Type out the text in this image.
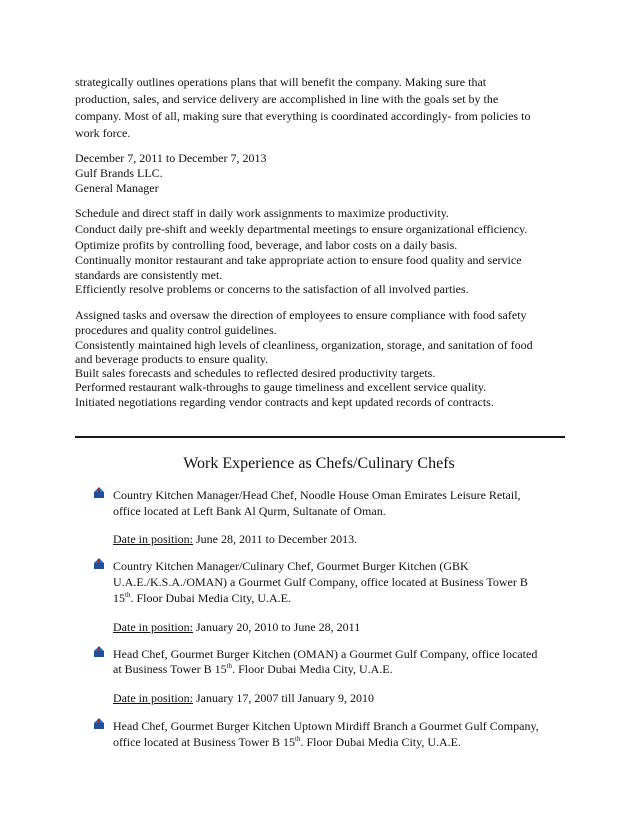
strategically outlines operations plans that will benefit the company. Making sure that
production, sales, and service delivery are accomplished in line with the goals set by the
company. Most of all, making sure that everything is coordinated accordingly- from policies to
work force.
December 7, 2011 to December 7, 2013
Gulf Brands LLC.
General Manager
Schedule and direct staff in daily work assignments to maximize productivity.
Conduct daily pre-shift and weekly departmental meetings to ensure organizational efficiency.
Optimize profits by controlling food, beverage, and labor costs on a daily basis.
Continually monitor restaurant and take appropriate action to ensure food quality and service
standards are consistently met.
Efficiently resolve problems or concerns to the satisfaction of all involved parties.
Assigned tasks and oversaw the direction of employees to ensure compliance with food safety
procedures and quality control guidelines.
Consistently maintained high levels of cleanliness, organization, storage, and sanitation of food
and beverage products to ensure quality.
Built sales forecasts and schedules to reflected desired productivity targets.
Performed restaurant walk-throughs to gauge timeliness and excellent service quality.
Initiated negotiations regarding vendor contracts and kept updated records of contracts.
Work Experience as Chefs/Culinary Chefs
Country Kitchen Manager/Head Chef, Noodle House Oman Emirates Leisure Retail,
office located at Left Bank Al Qurm, Sultanate of Oman.
Date in position: June 28, 2011 to December 2013.
Country Kitchen Manager/Culinary Chef, Gourmet Burger Kitchen (GBK
U.A.E./K.S.A./OMAN) a Gourmet Gulf Company, office located at Business Tower B
15th. Floor Dubai Media City, U.A.E.
Date in position: January 20, 2010 to June 28, 2011
Head Chef, Gourmet Burger Kitchen (OMAN) a Gourmet Gulf Company, office located
at Business Tower B 15th. Floor Dubai Media City, U.A.E.
Date in position: January 17, 2007 till January 9, 2010
Head Chef, Gourmet Burger Kitchen Uptown Mirdiff Branch a Gourmet Gulf Company,
office located at Business Tower B 15th. Floor Dubai Media City, U.A.E.
